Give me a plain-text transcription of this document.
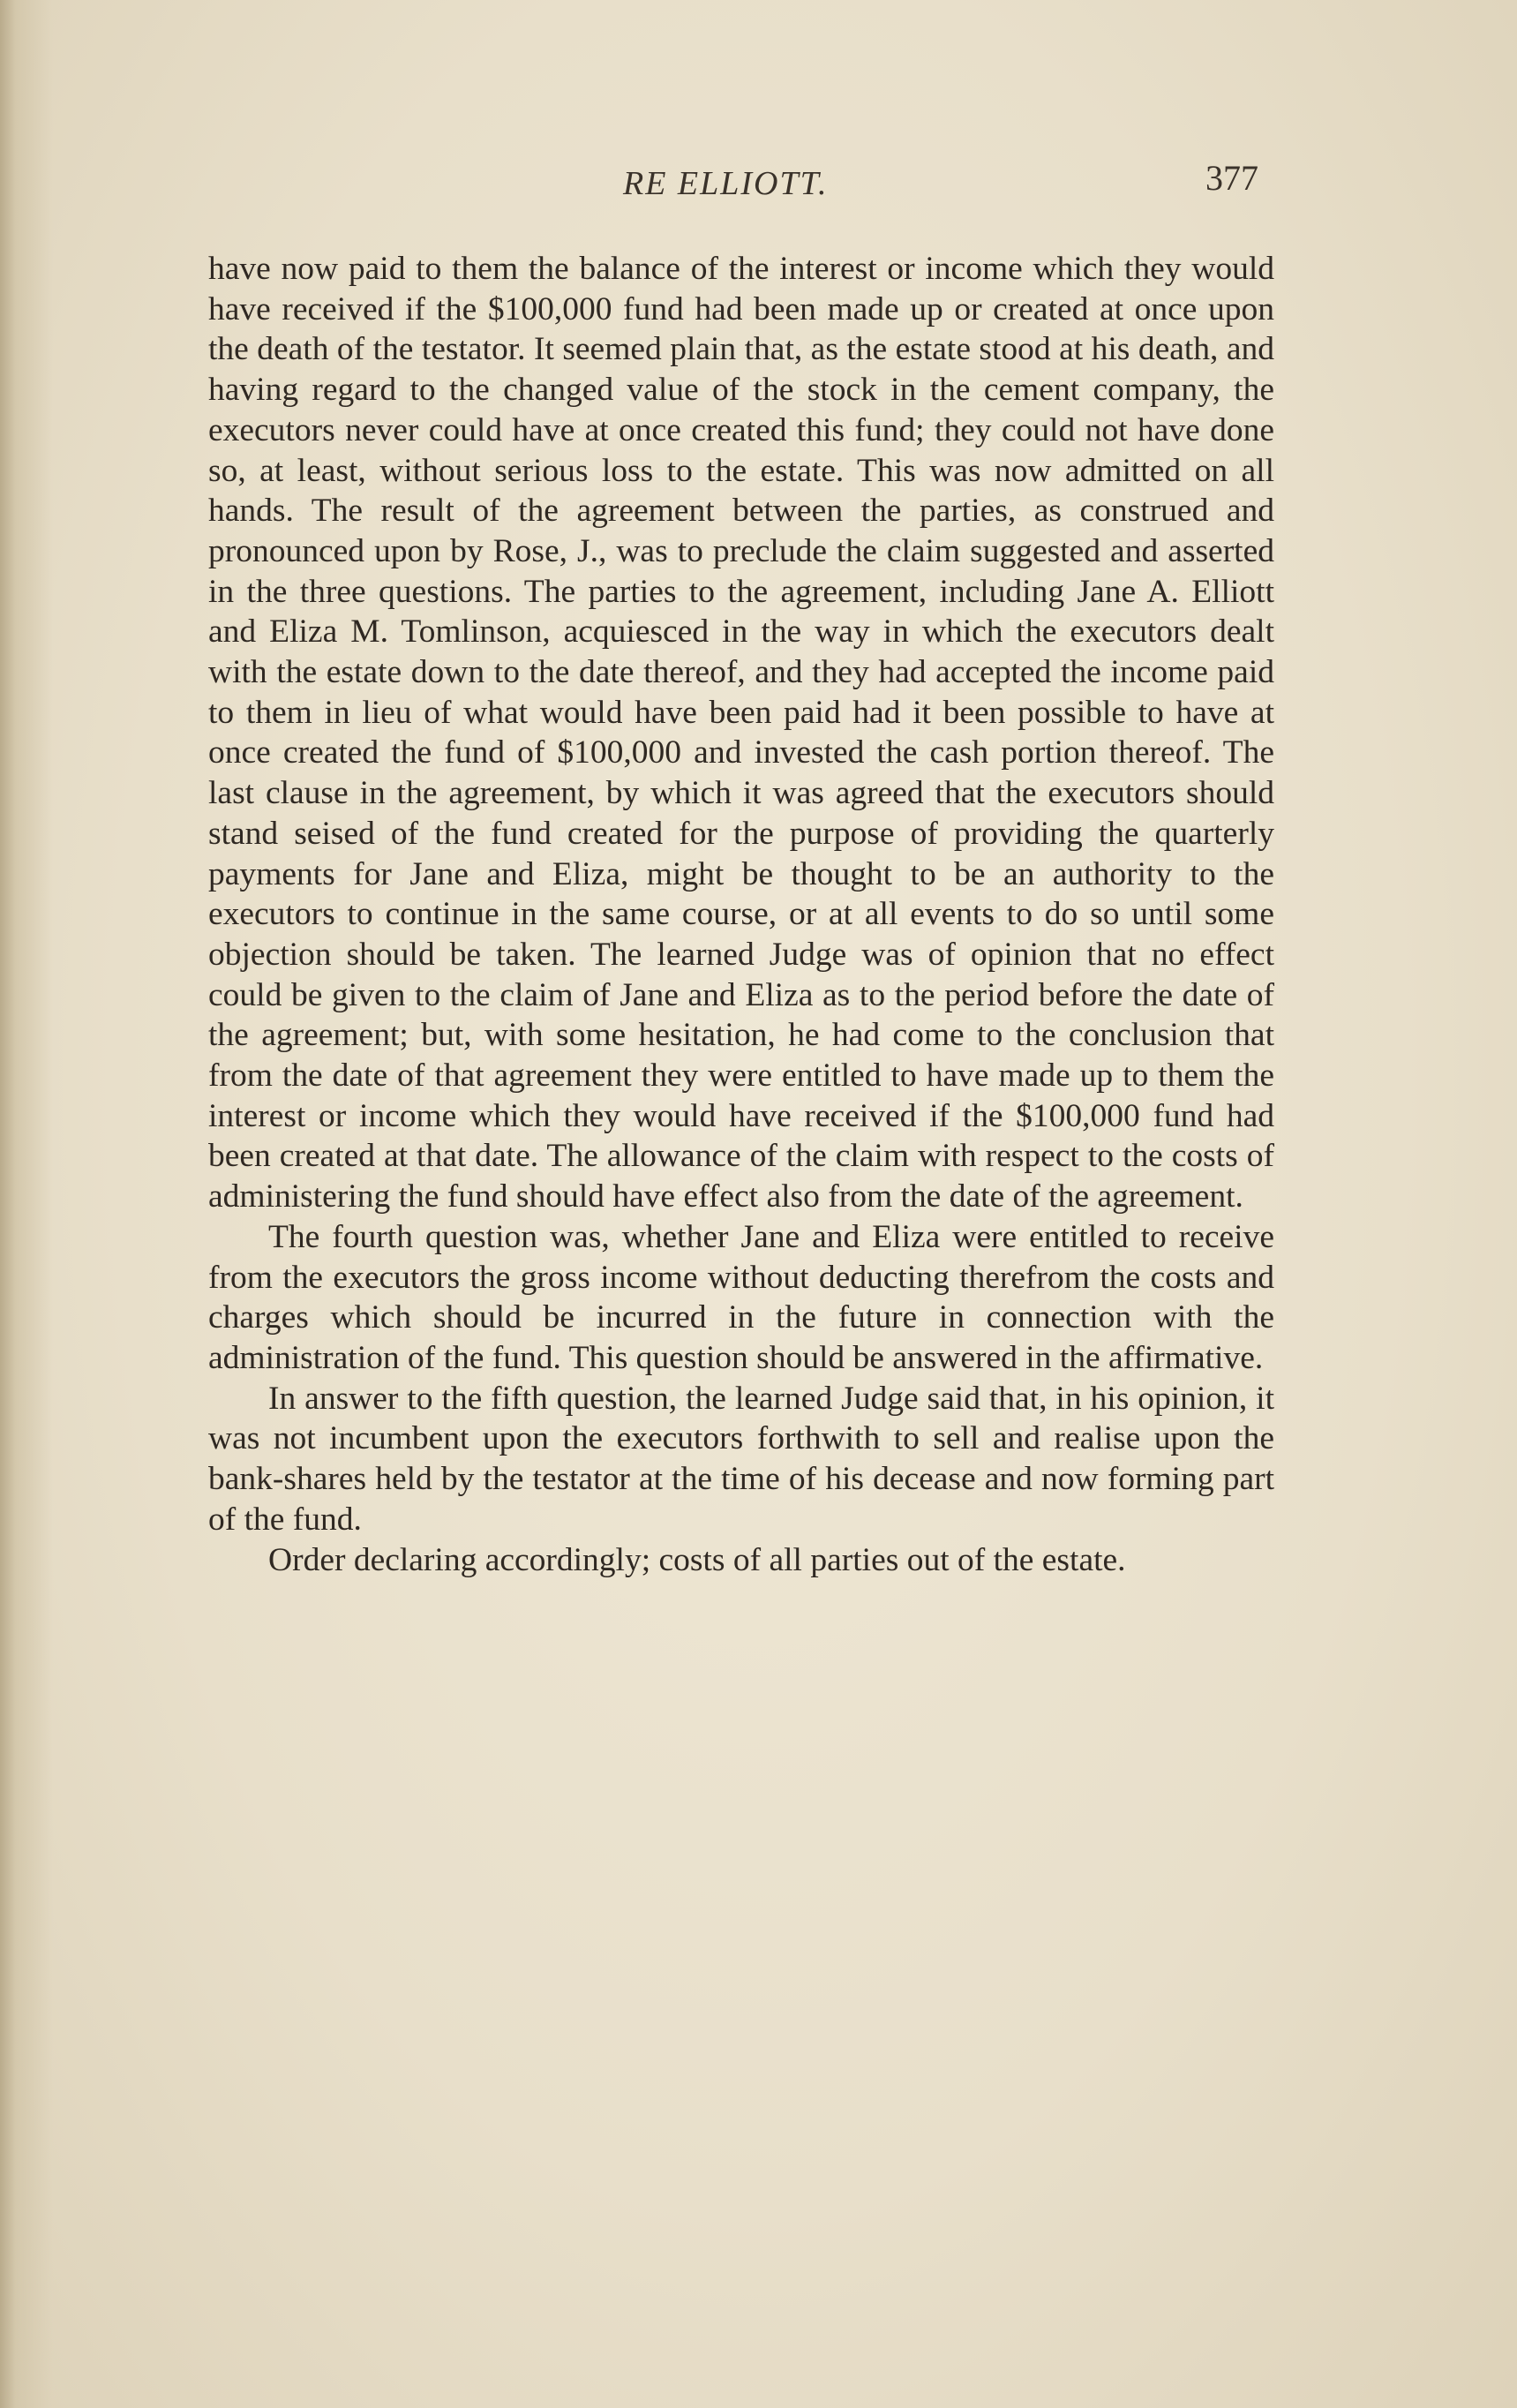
RE ELLIOTT.	377

have now paid to them the balance of the interest or income which they would have received if the $100,000 fund had been made up or created at once upon the death of the testator. It seemed plain that, as the estate stood at his death, and having regard to the changed value of the stock in the cement company, the executors never could have at once created this fund; they could not have done so, at least, without serious loss to the estate. This was now admitted on all hands. The result of the agreement between the parties, as construed and pronounced upon by Rose, J., was to preclude the claim suggested and asserted in the three questions. The parties to the agreement, including Jane A. Elliott and Eliza M. Tomlinson, acquiesced in the way in which the executors dealt with the estate down to the date thereof, and they had accepted the income paid to them in lieu of what would have been paid had it been possible to have at once created the fund of $100,000 and invested the cash portion thereof. The last clause in the agreement, by which it was agreed that the executors should stand seised of the fund created for the purpose of providing the quarterly payments for Jane and Eliza, might be thought to be an authority to the executors to continue in the same course, or at all events to do so until some objection should be taken. The learned Judge was of opinion that no effect could be given to the claim of Jane and Eliza as to the period before the date of the agreement; but, with some hesitation, he had come to the conclusion that from the date of that agreement they were entitled to have made up to them the interest or income which they would have received if the $100,000 fund had been created at that date. The allowance of the claim with respect to the costs of administering the fund should have effect also from the date of the agreement.

The fourth question was, whether Jane and Eliza were entitled to receive from the executors the gross income without deducting therefrom the costs and charges which should be incurred in the future in connection with the administration of the fund. This question should be answered in the affirmative.

In answer to the fifth question, the learned Judge said that, in his opinion, it was not incumbent upon the executors forthwith to sell and realise upon the bank-shares held by the testator at the time of his decease and now forming part of the fund.

Order declaring accordingly; costs of all parties out of the estate.
